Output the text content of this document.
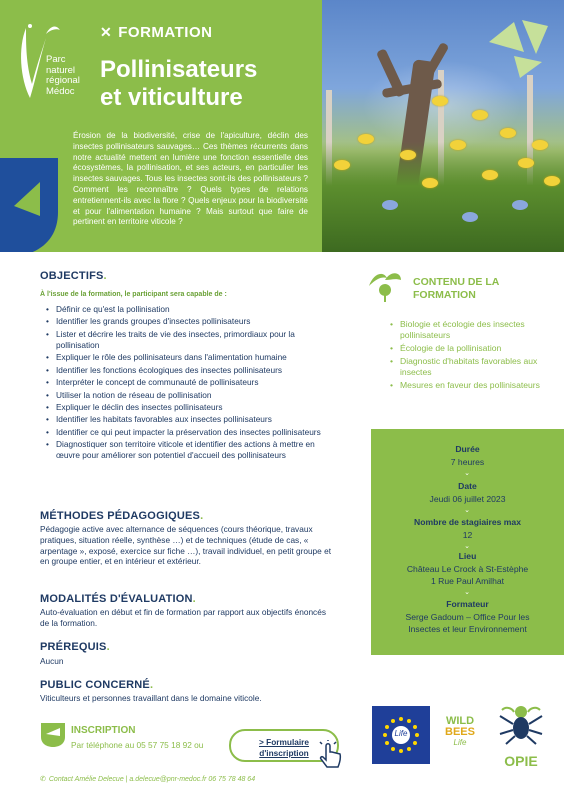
Parc
naturel
régional
Médoc
✕ FORMATION
Pollinisateurs
et viticulture
Érosion de la biodiversité, crise de l'apiculture, déclin des insectes pollinisateurs sauvages… Ces thèmes récurrents dans notre actualité mettent en lumière une fonction essentielle des écosystèmes, la pollinisation, et ses acteurs, en particulier les insectes sauvages. Tous les insectes sont-ils des pollinisateurs ? Comment les reconnaître ? Quels types de relations entretiennent-ils avec la flore ? Quels enjeux pour la biodiversité et pour l'alimentation humaine ? Mais surtout que faire de pertinent en territoire viticole ?
OBJECTIFS.
À l'issue de la formation, le participant sera capable de :
• Définir ce qu'est la pollinisation
• Identifier les grands groupes d'insectes pollinisateurs
• Lister et décrire les traits de vie des insectes, primordiaux pour la pollinisation
• Expliquer le rôle des pollinisateurs dans l'alimentation humaine
• Identifier les fonctions écologiques des insectes pollinisateurs
• Interpréter le concept de communauté de pollinisateurs
• Utiliser la notion de réseau de pollinisation
• Expliquer le déclin des insectes pollinisateurs
• Identifier les habitats favorables aux insectes pollinisateurs
• Identifier ce qui peut impacter la préservation des insectes pollinisateurs
• Diagnostiquer son territoire viticole et identifier des actions à mettre en œuvre pour améliorer son potentiel d'accueil des pollinisateurs
MÉTHODES PÉDAGOGIQUES.
Pédagogie active avec alternance de séquences (cours théorique, travaux pratiques, situation réelle, synthèse …) et de techniques (étude de cas, « arpentage », exposé, exercice sur fiche …), travail individuel, en petit groupe et en groupe entier, et en intérieur et extérieur.
MODALITÉS D'ÉVALUATION.
Auto-évaluation en début et fin de formation par rapport aux objectifs énoncés de la formation.
PRÉREQUIS.
Aucun
PUBLIC CONCERNÉ.
Viticulteurs et personnes travaillant dans le domaine viticole.
CONTENU DE LA FORMATION
• Biologie et écologie des insectes pollinisateurs
• Écologie de la pollinisation
• Diagnostic d'habitats favorables aux insectes
• Mesures en faveur des pollinisateurs
Durée
7 heures
⌄
Date
Jeudi 06 juillet 2023
⌄
Nombre de stagiaires max
12
⌄
Lieu
Château Le Crock à St-Estèphe
1 Rue Paul Amilhat
⌄
Formateur
Serge Gadoum – Office Pour les
Insectes et leur Environnement
INSCRIPTION
Par téléphone au 05 57 75 18 92 ou	> Formulaire
d'inscription
✆ Contact Amélie Delecue | a.delecue@pnr-medoc.fr 06 75 78 48 64
Life
WILD
BEES
Life
OPIE
